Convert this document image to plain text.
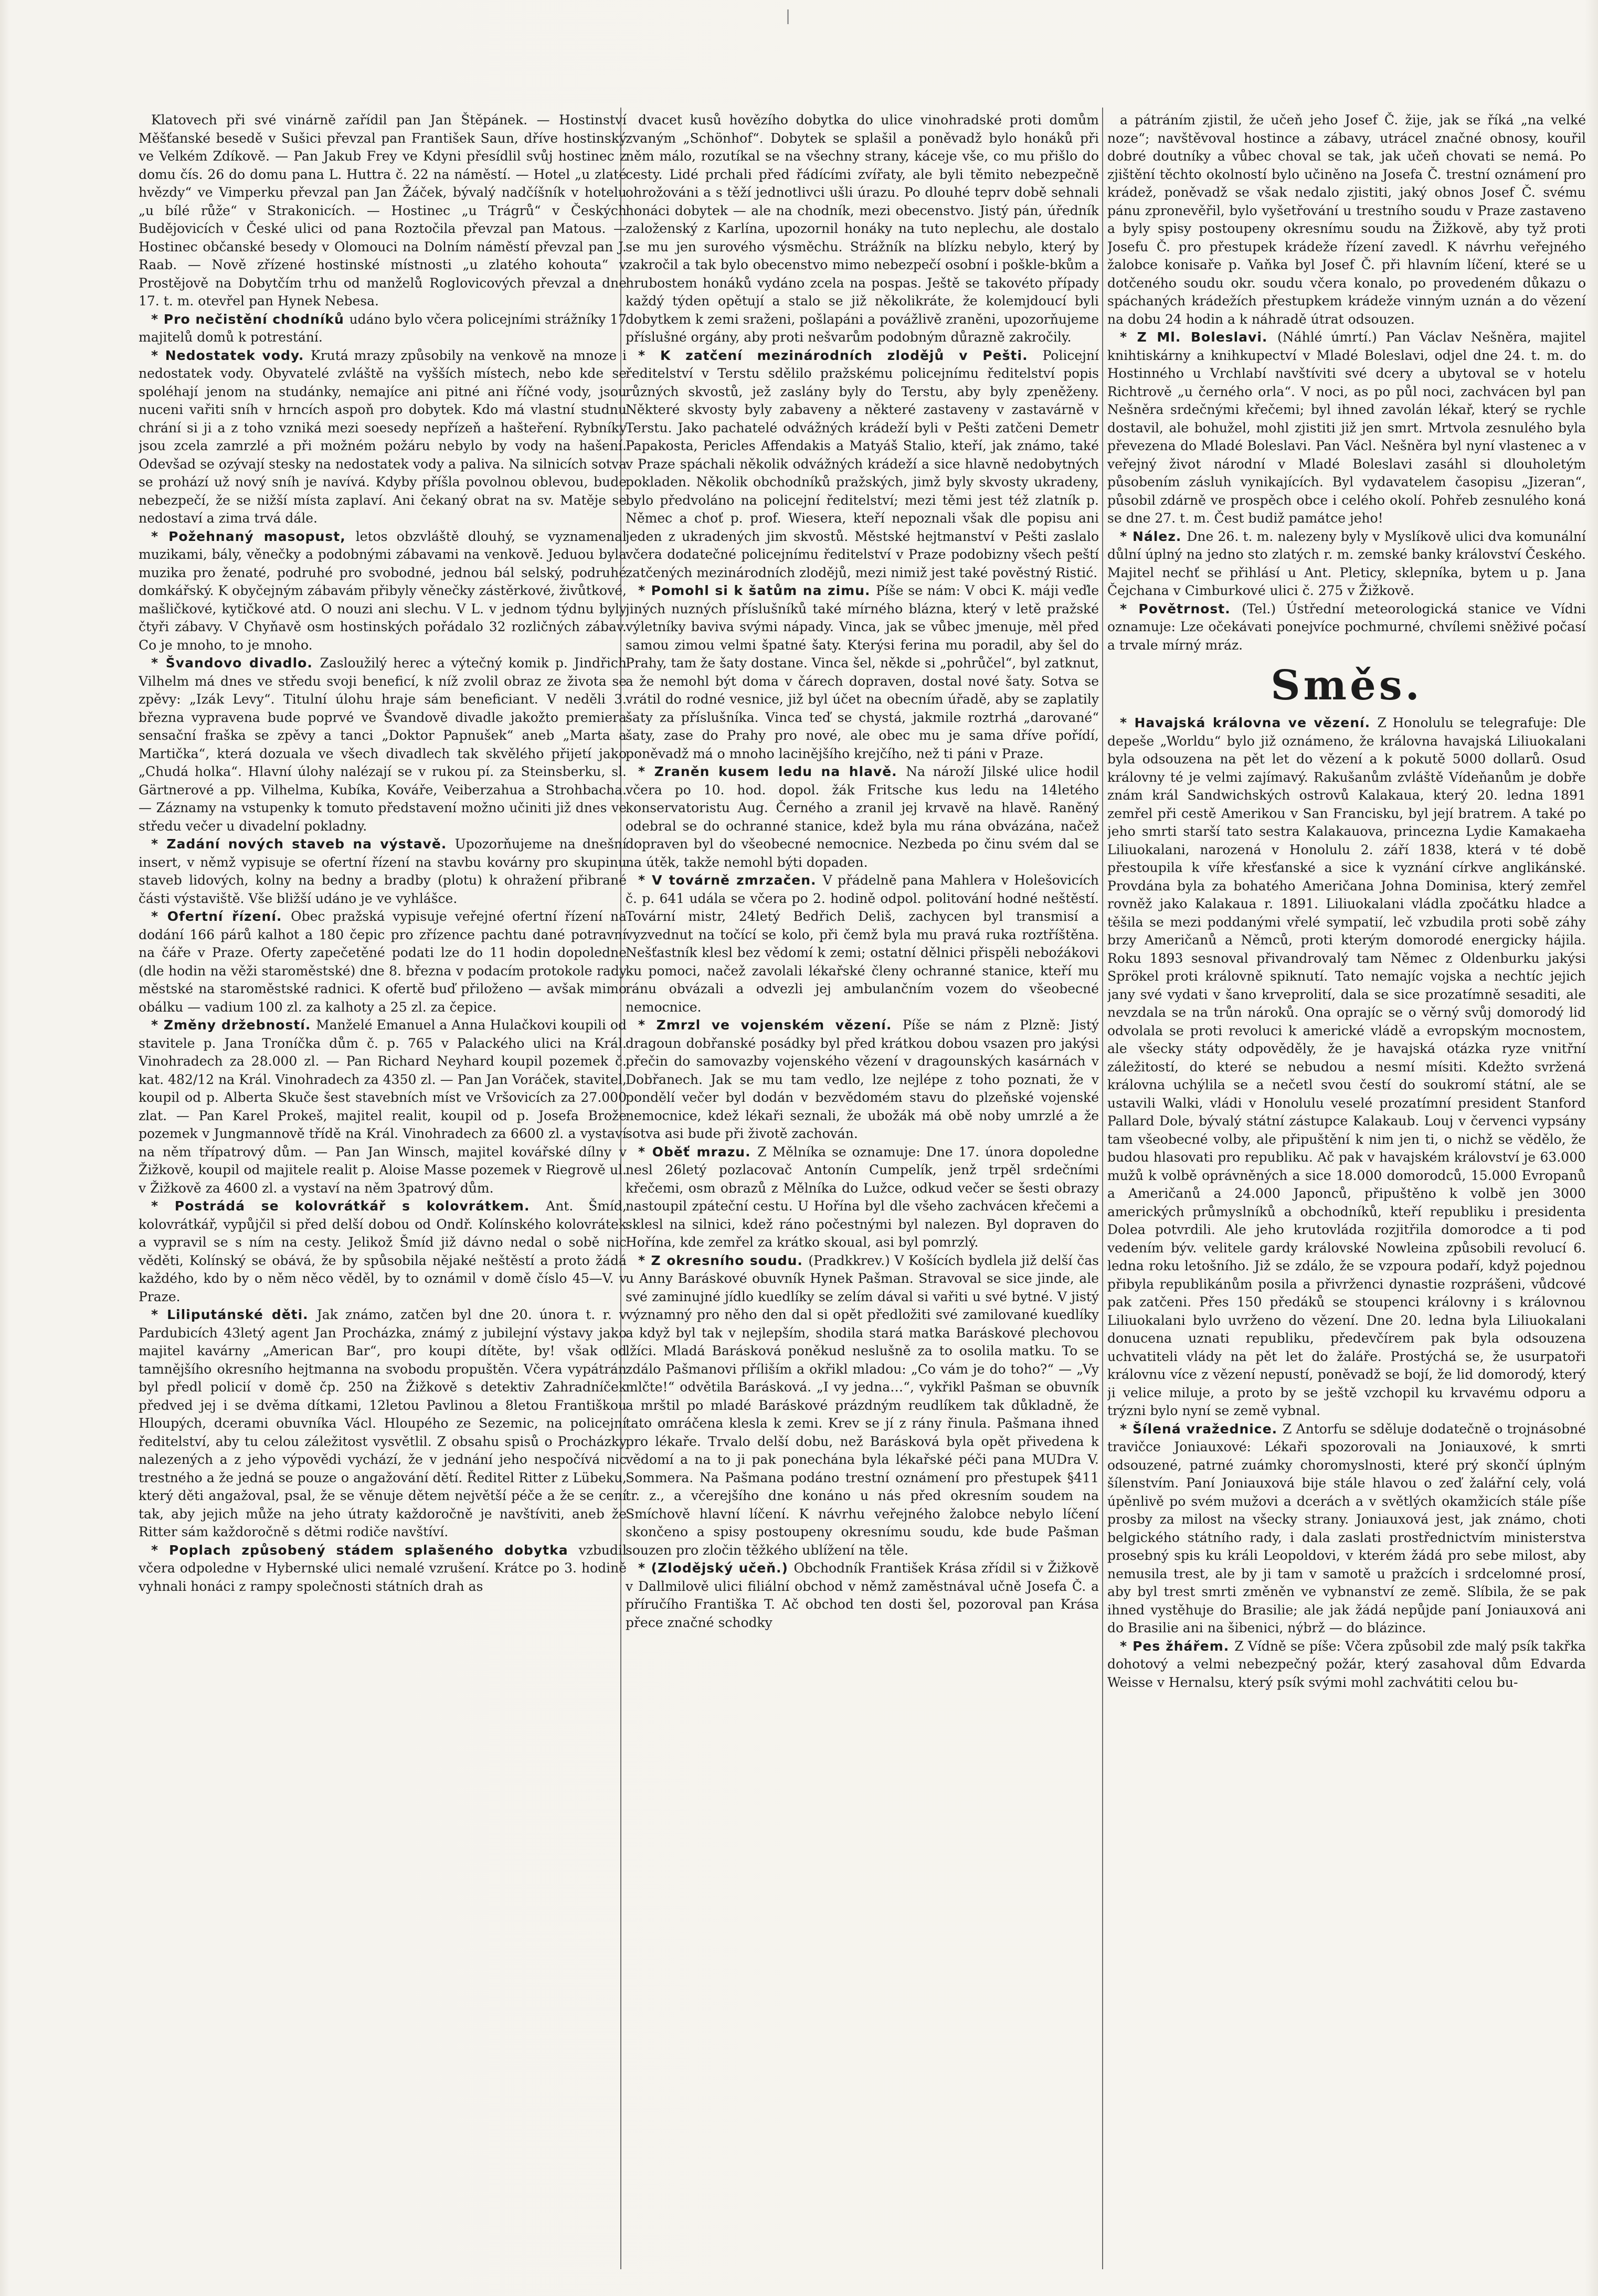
Klatovech při své vinárně zařídil pan Jan Štěpánek. — Hostinství Měšťanské besedě v Sušici převzal pan František Saun, dříve hostinský ve Velkém Zdíkově. — Pan Jakub Frey ve Kdyni přesídlil svůj hostinec z domu čís. 26 do domu pana L. Huttra č. 22 na náměstí. — Hotel „u zlaté hvězdy“ ve Vimperku převzal pan Jan Žáček, bývalý nadčíšník v hotelu „u bílé růže“ v Strakonicích. — Hostinec „u Trágrů“ v Českých Budějovicích v České ulici od pana Roztočila převzal pan Matous. — Hostinec občanské besedy v Olomouci na Dolním náměstí převzal pan J. Raab. — Nově zřízené hostinské místnosti „u zlatého kohouta“ v Prostějově na Dobytčím trhu od manželů Roglovicových převzal a dne 17. t. m. otevřel pan Hynek Nebesa.

* Pro nečistění chodníků udáno bylo včera policejními strážníky 17 majitelů domů k potrestání.

* Nedostatek vody. Krutá mrazy způsobily na venkově na mnoze i nedostatek vody. Obyvatelé zvláště na vyšších místech, nebo kde se spoléhají jenom na studánky, nemajíce ani pitné ani říčné vody, jsou nuceni vařiti sníh v hrncích aspoň pro dobytek. Kdo má vlastní studnu chrání si ji a z toho vzniká mezi soesedy nepřízeň a hašteření. Rybníky jsou zcela zamrzlé a při možném požáru nebylo by vody na hašení. Odevšad se ozývají stesky na nedostatek vody a paliva. Na silnicích sotva se prohází už nový sníh je navívá. Kdyby příšla povolnou oblevou, bude nebezpečí, že se nižší místa zaplaví. Ani čekaný obrat na sv. Matěje se nedostaví a zima trvá dále.

* Požehnaný masopust, letos obzvláště dlouhý, se vyznamenal muzikami, bály, věnečky a podobnými zábavami na venkově. Jeduou byla muzika pro ženaté, podruhé pro svobodné, jednou bál selský, podruhé domkářský. K obyčejným zábavám přibyly věnečky zástěrkové, živůtkové, mašličkové, kytičkové atd. O nouzi ani slechu. V L. v jednom týdnu byly čtyři zábavy. V Chyňavě osm hostinských pořádalo 32 rozličných zábav. Co je mnoho, to je mnoho.

* Švandovo divadlo. Zasloužilý herec a výtečný komik p. Jindřich Vilhelm má dnes ve středu svoji beneficí, k níž zvolil obraz ze života se zpěvy: „Izák Levy“. Titulní úlohu hraje sám beneficiant. V neděli 3. března vypravena bude poprvé ve Švandově divadle jakožto premiera sensační fraška se zpěvy a tanci „Doktor Papnušek“ aneb „Marta a Martička“, která dozuala ve všech divadlech tak skvělého přijetí jako „Chudá holka“. Hlavní úlohy nalézají se v rukou pí. za Steinsberku, sl. Gärtnerové a pp. Vilhelma, Kubíka, Kováře, Veiberzahua a Strohbacha. — Záznamy na vstupenky k tomuto představení možno učiniti již dnes ve středu večer u divadelní pokladny.

* Zadání nových staveb na výstavě. Upozorňujeme na dnešní insert, v němž vypisuje se ofertní řízení na stavbu kovárny pro skupinu staveb lidových, kolny na bedny a bradby (plotu) k ohražení přibrané části výstaviště. Vše bližší udáno je ve vyhlášce.

* Ofertní řízení. Obec pražská vypisuje veřejné ofertní řízení na dodání 166 párů kalhot a 180 čepic pro zřízence pachtu dané potravní na čáře v Praze. Oferty zapečetěné podati lze do 11 hodin dopoledne (dle hodin na věži staroměstské) dne 8. března v podacím protokole rady městské na staroměstské radnici. K ofertě buď přiloženo — avšak mimo obálku — vadium 100 zl. za kalhoty a 25 zl. za čepice.

* Změny držebností. Manželé Emanuel a Anna Hulačkovi koupili od stavitele p. Jana Troníčka dům č. p. 765 v Palackého ulici na Král. Vinohradech za 28.000 zl. — Pan Richard Neyhard koupil pozemek č. kat. 482/12 na Král. Vinohradech za 4350 zl. — Pan Jan Voráček, stavitel, koupil od p. Alberta Skuče šest stavebních míst ve Vršovicích za 27.000 zlat. — Pan Karel Prokeš, majitel realit, koupil od p. Josefa Brože pozemek v Jungmannově třídě na Král. Vinohradech za 6600 zl. a vystaví na něm třípatrový dům. — Pan Jan Winsch, majitel kovářské dílny v Žižkově, koupil od majitele realit p. Aloise Masse pozemek v Riegrově ul. v Žižkově za 4600 zl. a vystaví na něm 3patrový dům.

* Postrádá se kolovrátkář s kolovrátkem. Ant. Šmíd, kolovrátkář, vypůjčil si před delší dobou od Ondř. Kolínského kolovrátek a vypravil se s ním na cesty. Jelikož Šmíd již dávno nedal o sobě nic věděti, Kolínský se obává, že by spůsobila nějaké neštěstí a proto žádá každého, kdo by o něm něco věděl, by to oznámil v domě číslo 45—V. v Praze.

* Liliputánské děti. Jak známo, zatčen byl dne 20. února t. r. v Pardubicích 43letý agent Jan Procházka, známý z jubilejní výstavy jako majitel kavárny „American Bar“, pro koupi dítěte, by! však od tamnějšího okresního hejtmanna na svobodu propuštěn. Včera vypátrán byl předl policií v domě čp. 250 na Žižkově s detektiv Zahradníček předved jej i se dvěma dítkami, 12letou Pavlinou a 8letou Františkou Hloupých, dcerami obuvníka Václ. Hloupého ze Sezemic, na policejní ředitelství, aby tu celou záležitost vysvětlil. Z obsahu spisů o Procházky nalezených a z jeho výpovědi vychází, že v jednání jeho nespočívá nic trestného a že jedná se pouze o angažování dětí. Ředitel Ritter z Lübeku, který děti angažoval, psal, že se věnuje dětem největší péče a že se cení tak, aby jejich může na jeho útraty každoročně je navštíviti, aneb že Ritter sám každoročně s dětmi rodiče navštíví.

* Poplach způsobený stádem splašeného dobytka vzbudil včera odpoledne v Hybernské ulici nemalé vzrušení. Krátce po 3. hodině vyhnali honáci z rampy společnosti státních drah as

dvacet kusů hovězího dobytka do ulice vinohradské proti domům zvaným „Schönhof“. Dobytek se splašil a poněvadž bylo honáků při něm málo, rozutíkal se na všechny strany, káceje vše, co mu přišlo do cesty. Lidé prchali před řádícími zvířaty, ale byli těmito nebezpečně ohrožováni a s těží jednotlivci ušli úrazu. Po dlouhé teprv době sehnali honáci dobytek — ale na chodník, mezi obecenstvo. Jistý pán, úředník založenský z Karlína, upozornil honáky na tuto neplechu, ale dostalo se mu jen surového výsměchu. Strážník na blízku nebylo, který by zakročil a tak bylo obecenstvo mimo nebezpečí osobní i poškle-bkům a hrubostem honáků vydáno zcela na pospas. Ještě se takovéto případy každý týden opětují a stalo se již několikráte, že kolemjdoucí byli dobytkem k zemi sraženi, pošlapáni a povážlivě zraněni, upozorňujeme příslušné orgány, aby proti nešvarům podobným důrazně zakročily.

* K zatčení mezinárodních zlodějů v Pešti. Policejní ředitelství v Terstu sdělilo pražskému policejnímu ředitelství popis různých skvostů, jež zaslány byly do Terstu, aby byly zpeněženy. Některé skvosty byly zabaveny a některé zastaveny v zastavárně v Terstu. Jako pachatelé odvážných krádeží byli v Pešti zatčeni Demetr Papakosta, Pericles Affendakis a Matyáš Stalio, kteří, jak známo, také v Praze spáchali několik odvážných krádeží a sice hlavně nedobytných pokladen. Několik obchodníků pražských, jimž byly skvosty ukradeny, bylo předvoláno na policejní ředitelství; mezi těmi jest též zlatník p. Němec a choť p. prof. Wiesera, kteří nepoznali však dle popisu ani jeden z ukradených jim skvostů. Městské hejtmanství v Pešti zaslalo včera dodatečné policejnímu ředitelství v Praze podobizny všech peští zatčených mezinárodních zlodějů, mezi nimiž jest také pověstný Ristić.

* Pomohl si k šatům na zimu. Píše se nám: V obci K. máji veďle jiných nuzných příslušníků také mírného blázna, který v letě pražské výletníky baviva svými nápady. Vinca, jak se vůbec jmenuje, měl před samou zimou velmi špatné šaty. Kterýsi ferina mu poradil, aby šel do Prahy, tam že šaty dostane. Vinca šel, někde si „pohrůčel“, byl zatknut, a že nemohl být doma v čárech dopraven, dostal nové šaty. Sotva se vrátil do rodné vesnice, již byl účet na obecním úřadě, aby se zaplatily šaty za příslušníka. Vinca teď se chystá, jakmile roztrhá „darované“ šaty, zase do Prahy pro nové, ale obec mu je sama dříve pořídí, poněvadž má o mnoho lacinějšího krejčího, než ti páni v Praze.

* Zraněn kusem ledu na hlavě. Na nároží Jilské ulice hodil včera po 10. hod. dopol. žák Fritsche kus ledu na 14letého konservatoristu Aug. Černého a zranil jej krvavě na hlavě. Raněný odebral se do ochranné stanice, kdež byla mu rána obvázána, načež dopraven byl do všeobecné nemocnice. Nezbeda po činu svém dal se na útěk, takže nemohl býti dopaden.

* V továrně zmrzačen. V přádelně pana Mahlera v Holešovicích č. p. 641 udála se včera po 2. hodině odpol. politování hodné neštěstí. Tovární mistr, 24letý Bedřich Deliš, zachycen byl transmisí a vyzvednut na točící se kolo, při čemž byla mu pravá ruka roztříštěna. Nešťastník klesl bez vědomí k zemi; ostatní dělnici přispěli neboźákovi ku pomoci, načež zavolali lékařské členy ochranné stanice, kteří mu ránu obvázali a odvezli jej ambulančním vozem do všeobecné nemocnice.

* Zmrzl ve vojenském vězení. Píše se nám z Plzně: Jistý dragoun dobřanské posádky byl před krátkou dobou vsazen pro jakýsi přečin do samovazby vojenského vězení v dragounských kasárnách v Dobřanech. Jak se mu tam vedlo, lze nejlépe z toho poznati, že v pondělí večer byl dodán v bezvědomém stavu do plzeňské vojenské nemocnice, kdež lékaři seznali, že ubožák má obě noby umrzlé a že sotva asi bude při životě zachován.

* Oběť mrazu. Z Mělníka se oznamuje: Dne 17. února dopoledne nesl 26letý pozlacovač Antonín Cumpelík, jenž trpěl srdečními křečemi, osm obrazů z Mělníka do Lužce, odkud večer se šesti obrazy nastoupil zpáteční cestu. U Hořína byl dle všeho zachvácen křečemi a sklesl na silnici, kdež ráno počestnými byl nalezen. Byl dopraven do Hořína, kde zemřel za krátko skoual, asi byl pomrzlý.

* Z okresního soudu. (Pradkkrev.) V Košících bydlela již delší čas u Anny Baráskové obuvník Hynek Pašman. Stravoval se sice jinde, ale své zaminujné jídlo kuedlíky se zelím dával si vařiti u své bytné. V jistý významný pro něho den dal si opět předložiti své zamilované kuedlíky a když byl tak v nejlepším, shodila stará matka Baráskové plechovou lžíci. Mladá Barásková poněkud neslušně za to osolila matku. To se zdálo Pašmanovi příliším a okřikl mladou: „Co vám je do toho?“ — „Vy mlčte!“ odvětila Barásková. „I vy jedna…“, vykřikl Pašman se obuvník a mrštil po mladé Baráskové prázdným reudlíkem tak důkladně, že tato omráčena klesla k zemi. Krev se jí z rány řinula. Pašmana ihned pro lékaře. Trvalo delší dobu, než Barásková byla opět přivedena k vědomí a na to ji pak ponechána byla lékařské péči pana MUDra V. Sommera. Na Pašmana podáno trestní oznámení pro přestupek §411 tr. z., a včerejšího dne konáno u nás před okresním soudem na Smíchově hlavní líčení. K návrhu veřejného žalobce nebylo líčení skončeno a spisy postoupeny okresnímu soudu, kde bude Pašman souzen pro zločin těžkého ublížení na těle.

* (Zlodějský učeň.) Obchodník František Krása zřídil si v Žižkově v Dallmilově ulici filiální obchod v němž zaměstnával učně Josefa Č. a příručího Františka T. Ač obchod ten dosti šel, pozoroval pan Krása přece značné schodky

a pátráním zjistil, že učeň jeho Josef Č. žije, jak se říká „na velké noze“; navštěvoval hostince a zábavy, utrácel značné obnosy, kouřil dobré doutníky a vůbec choval se tak, jak učeň chovati se nemá. Po zjištění těchto okolností bylo učiněno na Josefa Č. trestní oznámení pro krádež, poněvadž se však nedalo zjistiti, jaký obnos Josef Č. svému pánu zpronevěřil, bylo vyšetřování u trestního soudu v Praze zastaveno a byly spisy postoupeny okresnímu soudu na Žižkově, aby tyž proti Josefu Č. pro přestupek krádeže řízení zavedl. K návrhu veřejného žalobce konisaře p. Vaňka byl Josef Č. při hlavním líčení, které se u dotčeného soudu okr. soudu včera konalo, po provedeném důkazu o spáchaných krádežích přestupkem krádeže vinným uznán a do vězení na dobu 24 hodin a k náhradě útrat odsouzen.

* Z Ml. Boleslavi. (Náhlé úmrtí.) Pan Václav Nešněra, majitel knihtiskárny a knihkupectví v Mladé Boleslavi, odjel dne 24. t. m. do Hostinného u Vrchlabí navštíviti své dcery a ubytoval se v hotelu Richtrově „u černého orla“. V noci, as po půl noci, zachvácen byl pan Nešněra srdečnými křečemi; byl ihned zavolán lékař, který se rychle dostavil, ale bohužel, mohl zjistiti již jen smrt. Mrtvola zesnulého byla převezena do Mladé Boleslavi. Pan Václ. Nešněra byl nyní vlastenec a v veřejný život národní v Mladé Boleslavi zasáhl si dlouholetým působením zásluh vynikajících. Byl vydavatelem časopisu „Jizeran“, působil zdárně ve prospěch obce i celého okolí. Pohřeb zesnulého koná se dne 27. t. m. Čest budiž památce jeho!

* Nález. Dne 26. t. m. nalezeny byly v Myslíkově ulici dva komunální důlní úplný na jedno sto zlatých r. m. zemské banky království Českého. Majitel nechť se přihlásí u Ant. Pleticy, sklepníka, bytem u p. Jana Čejchana v Cimburkové ulici č. 275 v Žižkově.

* Povětrnost. (Tel.) Ústřední meteorologická stanice ve Vídni oznamuje: Lze očekávati ponejvíce pochmurné, chvílemi sněživé počasí a trvale mírný mráz.

Směs.

* Havajská královna ve vězení. Z Honolulu se telegrafuje: Dle depeše „Worldu“ bylo již oznámeno, že královna havajská Liliuokalani byla odsouzena na pět let do vězení a k pokutě 5000 dollarů. Osud královny té je velmi zajímavý. Rakušanům zvláště Vídeňanům je dobře znám král Sandwichských ostrovů Kalakaua, který 20. ledna 1891 zemřel při cestě Amerikou v San Francisku, byl její bratrem. A také po jeho smrti starší tato sestra Kalakauova, princezna Lydie Kamakaeha Liliuokalani, narozená v Honolulu 2. září 1838, která v té době přestoupila k víře křesťanské a sice k vyznání církve anglikánské. Provdána byla za bohatého Američana Johna Dominisa, který zemřel rovněž jako Kalakaua r. 1891. Liliuokalani vládla zpočátku hladce a těšila se mezi poddanými vřelé sympatií, leč vzbudila proti sobě záhy brzy Američanů a Němců, proti kterým domorodé energicky hájila. Roku 1893 sesnoval přivandrovalý tam Němec z Oldenburku jakýsi Sprökel proti královně spiknutí. Tato nemajíc vojska a nechtíc jejich jany své vydati v šano krveprolití, dala se sice prozatímně sesaditi, ale nevzdala se na trůn nároků. Ona oprajíc se o věrný svůj domorodý lid odvolala se proti revoluci k americké vládě a evropským mocnostem, ale všecky státy odpověděly, že je havajská otázka ryze vnitřní záležitostí, do které se nebudou a nesmí mísiti. Kdežto svržená královna uchýlila se a nečetl svou čestí do soukromí státní, ale se ustavili Walki, vládi v Honolulu veselé prozatímní president Stanford Pallard Dole, bývalý státní zástupce Kalakaub. Louj v červenci vypsány tam všeobecné volby, ale připuštění k nim jen ti, o nichž se vědělo, že budou hlasovati pro republiku. Ač pak v havajském království je 63.000 mužů k volbě oprávněných a sice 18.000 domorodců, 15.000 Evropanů a Američanů a 24.000 Japonců, připuštěno k volbě jen 3000 amerických průmyslníků a obchodníků, kteří republiku i presidenta Dolea potvrdili. Ale jeho krutovláda rozjitřila domorodce a ti pod vedením býv. velitele gardy královské Nowleina způsobili revolucí 6. ledna roku letošního. Již se zdálo, že se vzpoura podaří, když pojednou přibyla republikánům posila a přivrženci dynastie rozprášeni, vůdcové pak zatčeni. Přes 150 předáků se stoupenci královny i s královnou Liliuokalani bylo uvrženo do vězení. Dne 20. ledna byla Liliuokalani donucena uznati republiku, předevčírem pak byla odsouzena uchvatiteli vlády na pět let do žaláře. Prostýchá se, že usurpatoři královnu více z vězení nepustí, poněvadž se bojí, že lid domorodý, který ji velice miluje, a proto by se ještě vzchopil ku krvavému odporu a trýzni bylo nyní se země vybnal.

* Šílená vražednice. Z Antorfu se sděluje dodatečně o trojnásobné travičce Joniauxové: Lékaři spozorovali na Joniauxové, k smrti odsouzené, patrné zuámky choromyslnosti, které prý skončí úplným šílenstvím. Paní Joniauxová bije stále hlavou o zeď žalářní cely, volá úpěnlivě po svém mužovi a dcerách a v světlých okamžicích stále píše prosby za milost na všecky strany. Joniauxová jest, jak známo, choti belgického státního rady, i dala zaslati prostřednictvím ministerstva prosebný spis ku králi Leopoldovi, v kterém žádá pro sebe milost, aby nemusila trest, ale by ji tam v samotě u pražcích i srdcelomné prosí, aby byl trest smrti změněn ve vybnanství ze země. Slíbila, že se pak ihned vystěhuje do Brasilie; ale jak žádá nepůjde paní Joniauxová ani do Brasilie ani na šibenici, nýbrž — do blázince.

* Pes žhářem. Z Vídně se píše: Včera způsobil zde malý psík takřka dohotový a velmi nebezpečný požár, který zasahoval dům Edvarda Weisse v Hernalsu, který psík svými mohl zachvátiti celou bu-
